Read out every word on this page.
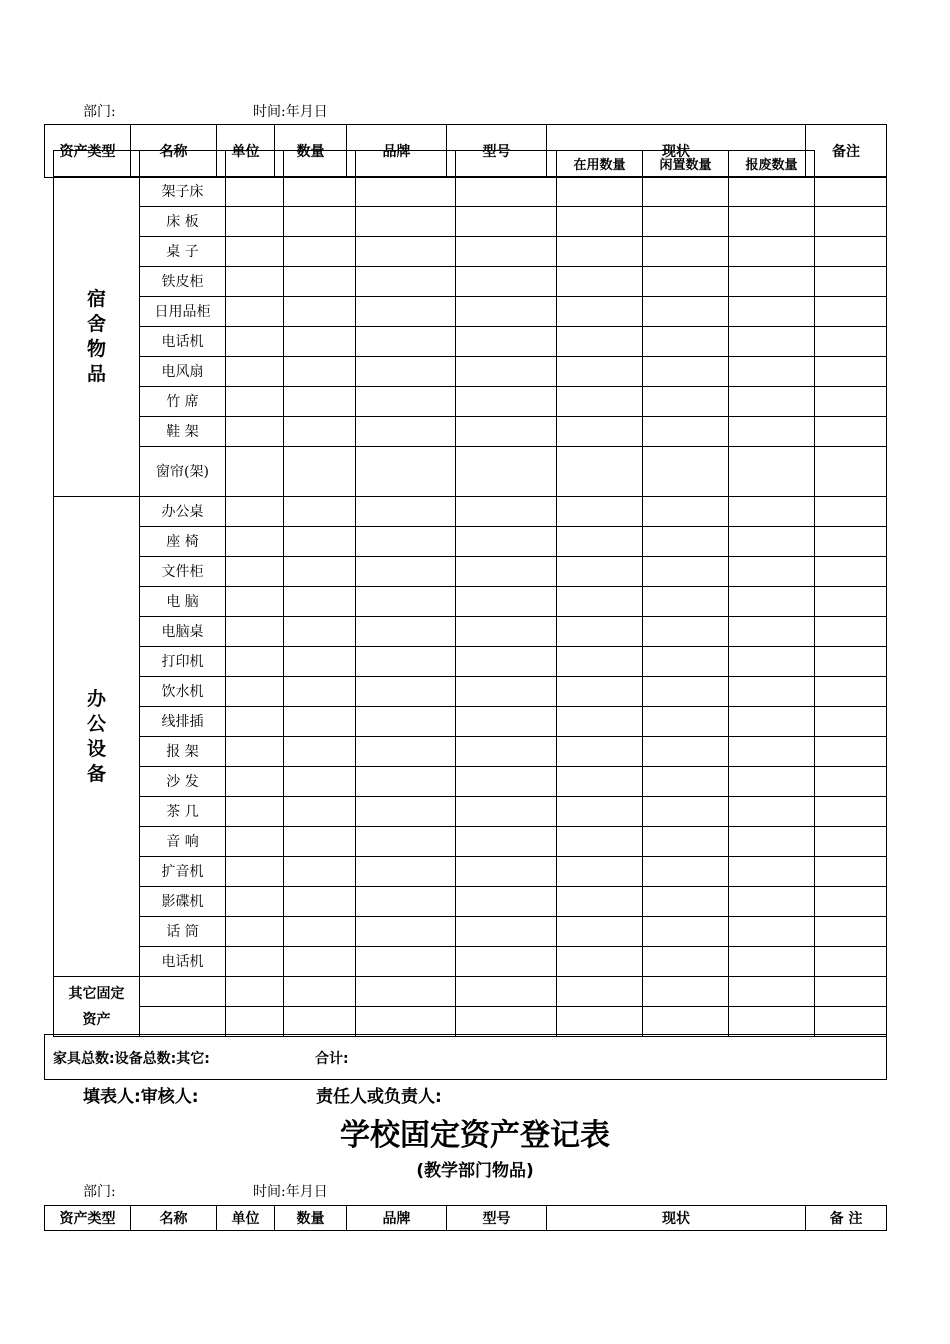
部门:	时间:年月日
资产类型	名称	单位	数量	品牌	型号	现状	备注
						在用数量	闲置数量	报废数量	

宿舍物品	架子床								
	床 板								
	桌 子								
	铁皮柜								
	日用品柜								
	电话机								
	电风扇								
	竹 席								
	鞋 架								
	窗帘(架)								

办公设备	办公桌								
	座 椅								
	文件柜								
	电 脑								
	电脑桌								
	打印机								
	饮水机								
	线排插								
	报 架								
	沙 发								
	茶 几								
	音 响								
	扩音机								
	影碟机								
	话 筒								
	电话机								
其它固定资产									

家具总数:设备总数:其它:	合计:
填表人:审核人:	责任人或负责人:
学校固定资产登记表
(教学部门物品)
部门:	时间:年月日
资产类型	名称	单位	数量	品牌	型号	现状	备 注
